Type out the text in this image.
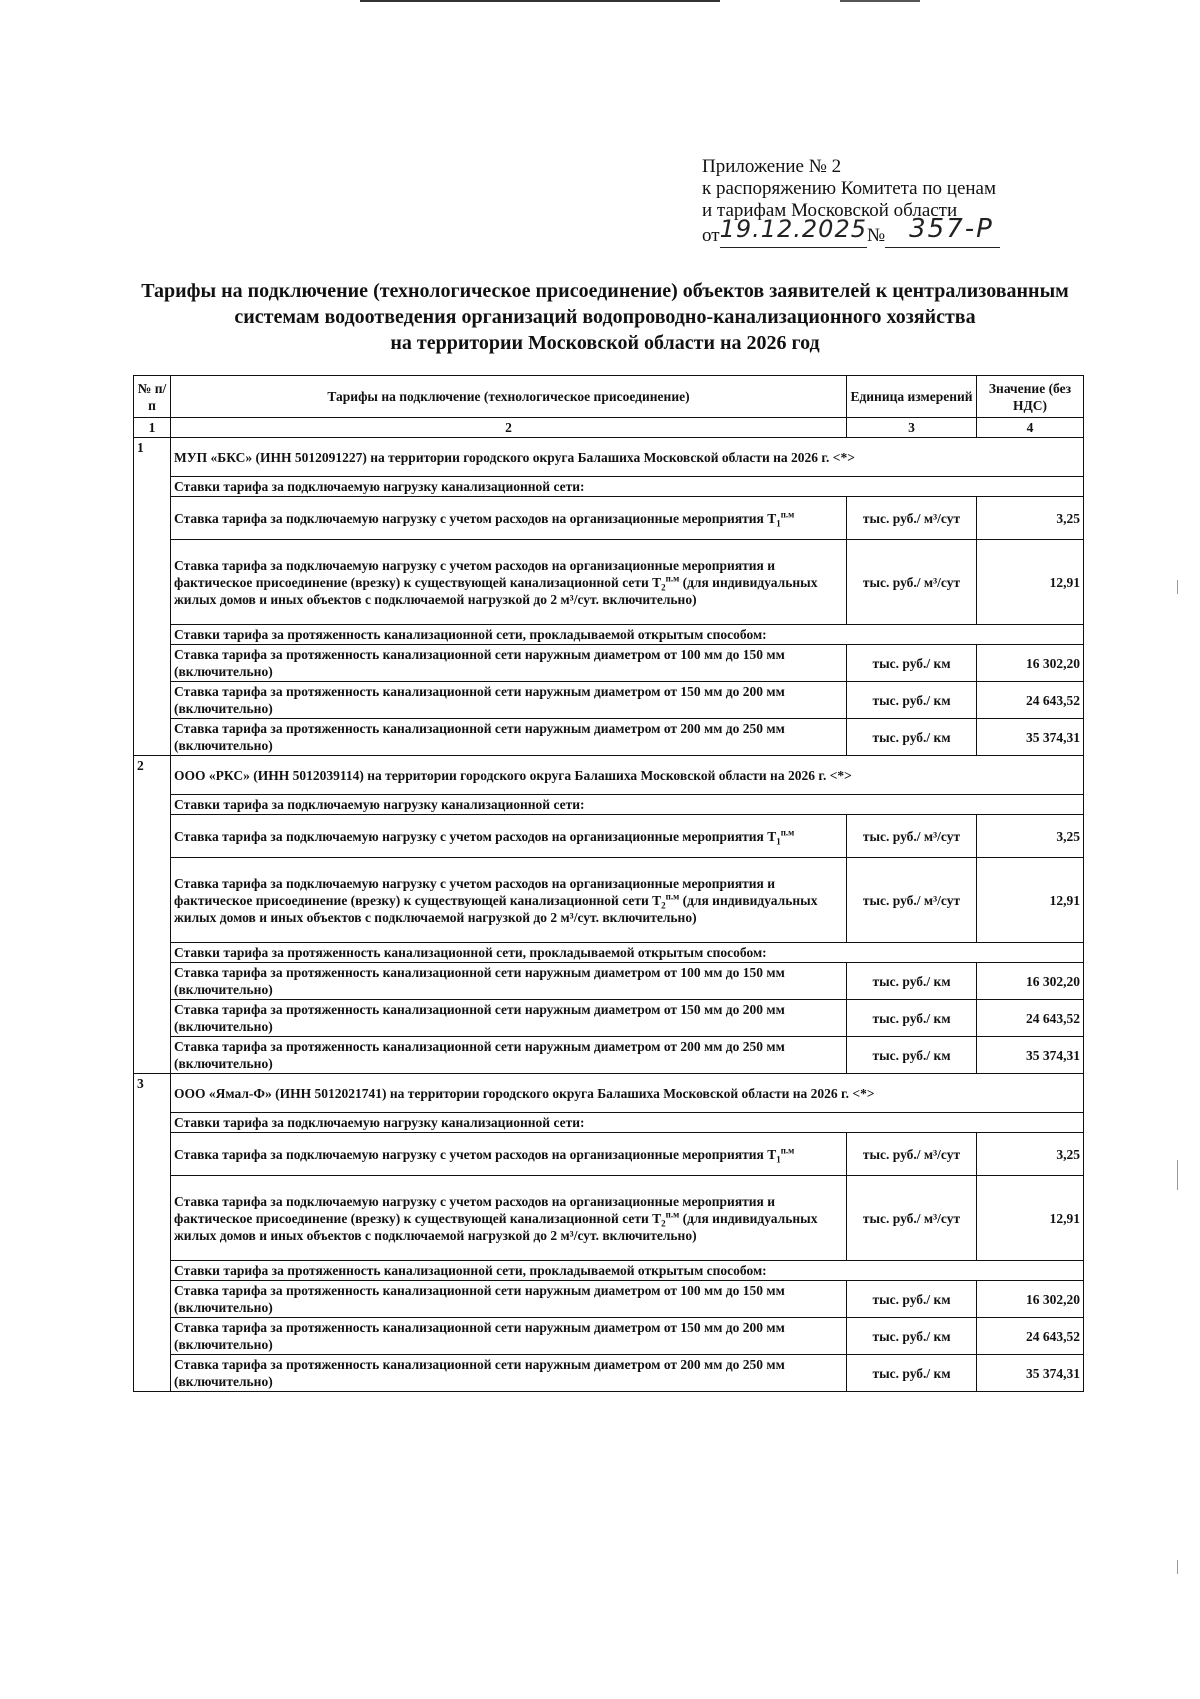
Приложение № 2
к распоряжению Комитета по ценам
и тарифам Московской области
от19.12.2025№ 357-Р
Тарифы на подключение (технологическое присоединение) объектов заявителей к централизованным
системам водоотведения организаций водопроводно-канализационного хозяйства
на территории Московской области на 2026 год
№ п/п	Тарифы на подключение (технологическое присоединение)	Единица измерений	Значение (без НДС)
1	2	3	4
1	МУП «БКС» (ИНН 5012091227) на территории городского округа Балашиха Московской области на 2026 г. <*>		
	Ставки тарифа за подключаемую нагрузку канализационной сети:		
	Ставка тарифа за подключаемую нагрузку с учетом расходов на организационные мероприятия $T_1^{п.м}$	тыс. руб./ м³/сут	3,25
	Ставка тарифа за подключаемую нагрузку с учетом расходов на организационные мероприятия и фактическое присоединение (врезку) к существующей канализационной сети $T_2^{п.м}$ (для индивидуальных жилых домов и иных объектов с подключаемой нагрузкой до 2 м³/сут. включительно)	тыс. руб./ м³/сут	12,91
	Ставки тарифа за протяженность канализационной сети, прокладываемой открытым способом:		
	Ставка тарифа за протяженность канализационной сети наружным диаметром от 100 мм до 150 мм (включительно)	тыс. руб./ км	16 302,20
	Ставка тарифа за протяженность канализационной сети наружным диаметром от 150 мм до 200 мм (включительно)	тыс. руб./ км	24 643,52
	Ставка тарифа за протяженность канализационной сети наружным диаметром от 200 мм до 250 мм (включительно)	тыс. руб./ км	35 374,31
2	ООО «РКС» (ИНН 5012039114) на территории городского округа Балашиха Московской области на 2026 г. <*>		
	Ставки тарифа за подключаемую нагрузку канализационной сети:		
	Ставка тарифа за подключаемую нагрузку с учетом расходов на организационные мероприятия $T_1^{п.м}$	тыс. руб./ м³/сут	3,25
	Ставка тарифа за подключаемую нагрузку с учетом расходов на организационные мероприятия и фактическое присоединение (врезку) к существующей канализационной сети $T_2^{п.м}$ (для индивидуальных жилых домов и иных объектов с подключаемой нагрузкой до 2 м³/сут. включительно)	тыс. руб./ м³/сут	12,91
	Ставки тарифа за протяженность канализационной сети, прокладываемой открытым способом:		
	Ставка тарифа за протяженность канализационной сети наружным диаметром от 100 мм до 150 мм (включительно)	тыс. руб./ км	16 302,20
	Ставка тарифа за протяженность канализационной сети наружным диаметром от 150 мм до 200 мм (включительно)	тыс. руб./ км	24 643,52
	Ставка тарифа за протяженность канализационной сети наружным диаметром от 200 мм до 250 мм (включительно)	тыс. руб./ км	35 374,31
3	ООО «Ямал-Ф» (ИНН 5012021741) на территории городского округа Балашиха Московской области на 2026 г. <*>		
	Ставки тарифа за подключаемую нагрузку канализационной сети:		
	Ставка тарифа за подключаемую нагрузку с учетом расходов на организационные мероприятия $T_1^{п.м}$	тыс. руб./ м³/сут	3,25
	Ставка тарифа за подключаемую нагрузку с учетом расходов на организационные мероприятия и фактическое присоединение (врезку) к существующей канализационной сети $T_2^{п.м}$ (для индивидуальных жилых домов и иных объектов с подключаемой нагрузкой до 2 м³/сут. включительно)	тыс. руб./ м³/сут	12,91
	Ставки тарифа за протяженность канализационной сети, прокладываемой открытым способом:		
	Ставка тарифа за протяженность канализационной сети наружным диаметром от 100 мм до 150 мм (включительно)	тыс. руб./ км	16 302,20
	Ставка тарифа за протяженность канализационной сети наружным диаметром от 150 мм до 200 мм (включительно)	тыс. руб./ км	24 643,52
	Ставка тарифа за протяженность канализационной сети наружным диаметром от 200 мм до 250 мм (включительно)	тыс. руб./ км	35 374,31
